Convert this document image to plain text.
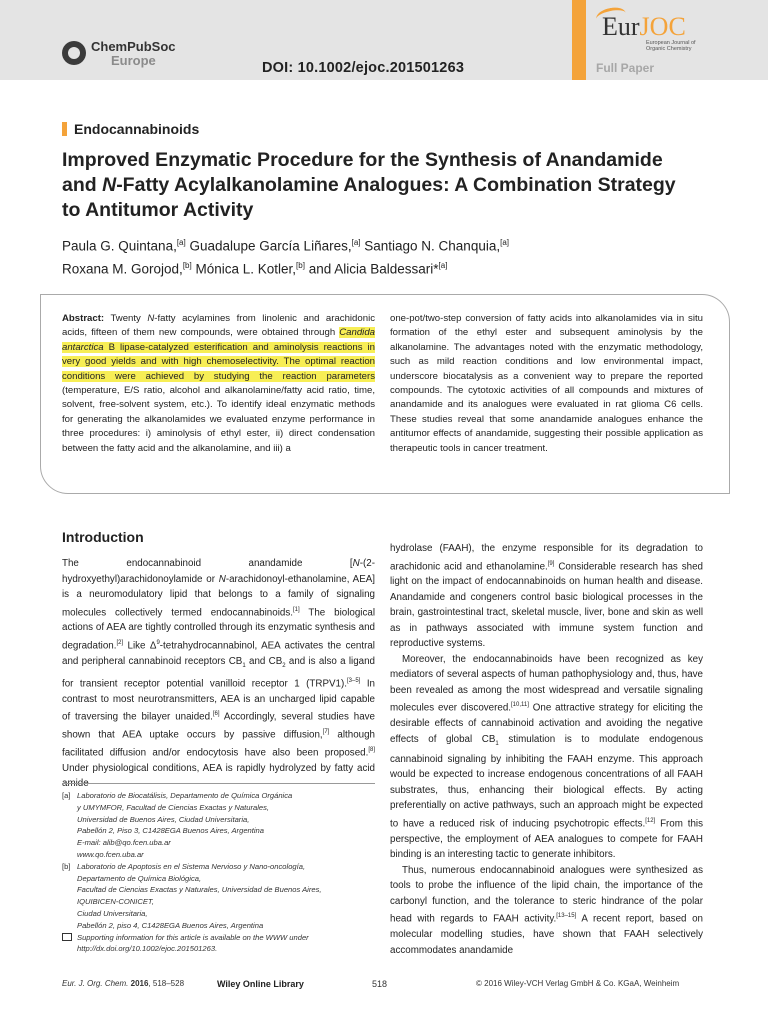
ChemPubSoc
Europe	DOI: 10.1002/ejoc.201501263
EurJOC
European Journal of Organic Chemistry
Full Paper
Endocannabinoids
Improved Enzymatic Procedure for the Synthesis of Anandamide and N-Fatty Acylalkanolamine Analogues: A Combination Strategy to Antitumor Activity
Paula G. Quintana,[a] Guadalupe García Liñares,[a] Santiago N. Chanquia,[a]
Roxana M. Gorojod,[b] Mónica L. Kotler,[b] and Alicia Baldessari*[a]
Abstract: Twenty N-fatty acylamines from linolenic and arachidonic acids, fifteen of them new compounds, were obtained through Candida antarctica B lipase-catalyzed esterification and aminolysis reactions in very good yields and with high chemoselectivity. The optimal reaction conditions were achieved by studying the reaction parameters (temperature, E/S ratio, alcohol and alkanolamine/fatty acid ratio, time, solvent, free-solvent system, etc.). To identify ideal enzymatic methods for generating the alkanolamides we evaluated enzyme performance in three procedures: i) aminolysis of ethyl ester, ii) direct condensation between the fatty acid and the alkanolamine, and iii) a
one-pot/two-step conversion of fatty acids into alkanolamides via in situ formation of the ethyl ester and subsequent aminolysis by the alkanolamine. The advantages noted with the enzymatic methodology, such as mild reaction conditions and low environmental impact, underscore biocatalysis as a convenient way to prepare the reported compounds. The cytotoxic activities of all compounds and mixtures of anandamide and its analogues were evaluated in rat glioma C6 cells. These studies reveal that some anandamide analogues enhance the antitumor effects of anandamide, suggesting their possible application as therapeutic tools in cancer treatment.
Introduction

The endocannabinoid anandamide [N-(2-hydroxyethyl)arachidonoylamide or N-arachidonoyl-ethanolamine, AEA] is a neuromodulatory lipid that belongs to a family of signaling molecules collectively termed endocannabinoids.[1] The biological actions of AEA are tightly controlled through its enzymatic synthesis and degradation.[2] Like $\Delta^9$-tetrahydrocannabinol, AEA activates the central and peripheral cannabinoid receptors $CB_1$ and $CB_2$ and is also a ligand for transient receptor potential vanilloid receptor 1 (TRPV1).[3–5] In contrast to most neurotransmitters, AEA is an uncharged lipid capable of traversing the bilayer unaided.[6] Accordingly, several studies have shown that AEA uptake occurs by passive diffusion,[7] although facilitated diffusion and/or endocytosis have also been proposed.[8] Under physiological conditions, AEA is rapidly hydrolyzed by fatty acid

hydrolase (FAAH), the enzyme responsible for its degradation to arachidonic acid and ethanolamine.[9] Considerable research has shed light on the impact of endocannabinoids on human health and disease. Anandamide and congeners control basic biological processes in the brain, gastrointestinal tract, skeletal muscle, liver, bone and skin as well as in pathways associated with immune system function and reproductive systems.

Moreover, the endocannabinoids have been recognized as key mediators of several aspects of human pathophysiology and, thus, have been revealed as among the most widespread and versatile signaling molecules ever discovered.[10,11] One attractive strategy for eliciting the desirable effects of cannabinoid activation and avoiding the negative effects of global $CB_1$ stimulation is to modulate endogenous cannabinoid signaling by inhibiting the FAAH enzyme. This approach would be expected to increase endogenous concentrations of all FAAH substrates, thus, enhancing their biological effects. By acting preferentially on active pathways, such an approach might be expected to have a reduced risk of inducing psychotropic effects.[12] From this perspective, the employment of AEA analogues to compete for FAAH binding is an interesting tactic to generate inhibitors.

Thus, numerous endocannabinoid analogues were synthesized as tools to probe the influence of the lipid chain, the importance of the carbonyl function, and the tolerance to steric hindrance of the polar head with regards to FAAH activity.[13–15] A recent report, based on molecular modelling studies, have shown that FAAH selectively accommodates anandamide

[a] Laboratorio de Biocatálisis, Departamento de Química Orgánica
y UMYMFOR, Facultad de Ciencias Exactas y Naturales,
Universidad de Buenos Aires, Ciudad Universitaria,
Pabellón 2, Piso 3, C1428EGA Buenos Aires, Argentina
E-mail: alib@qo.fcen.uba.ar
www.qo.fcen.uba.ar
[b] Laboratorio de Apoptosis en el Sistema Nervioso y Nano-oncología,
Departamento de Química Biológica,
Facultad de Ciencias Exactas y Naturales, Universidad de Buenos Aires,
IQUIBICEN-CONICET,
Ciudad Universitaria,
Pabellón 2, piso 4, C1428EGA Buenos Aires, Argentina
Supporting information for this article is available on the WWW under
http://dx.doi.org/10.1002/ejoc.201501263.
Eur. J. Org. Chem. 2016, 518–528	Wiley Online Library	518	© 2016 Wiley-VCH Verlag GmbH & Co. KGaA, Weinheim
